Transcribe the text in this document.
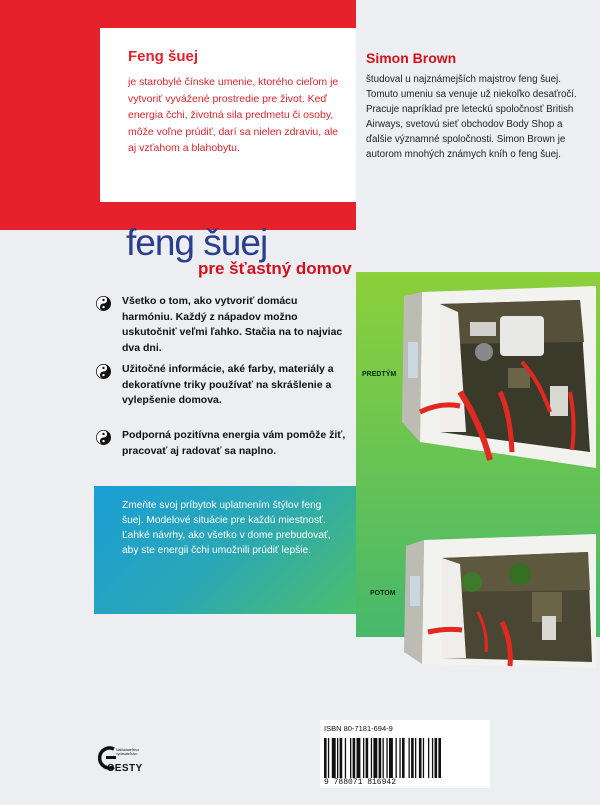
Feng šuej

je starobylé čínske umenie, ktorého cieľom je vytvoriť vyvážené prostredie pre život. Keď energia čchi, životná sila predmetu či osoby, môže voľne prúdiť, darí sa nielen zdraviu, ale aj vzťahom a blahobytu.

Simon Brown

študoval u najznámejších majstrov feng šuej. Tomuto umeniu sa venuje už niekoľko desaťročí. Pracuje napríklad pre leteckú spoločnosť British Airways, svetovú sieť obchodov Body Shop a ďalšie významné spoločnosti. Simon Brown je autorom mnohých známych kníh o feng šuej.

feng šuej
pre šťastný domov
PREDTÝM
POTOM

Všetko o tom, ako vytvoriť domácu harmóniu. Každý z nápadov možno uskutočniť veľmi ľahko. Stačia na to najviac dva dni.

Užitočné informácie, aké farby, materiály a dekoratívne triky používať na skrášlenie a vylepšenie domova.

Podporná pozitívna energia vám pomôže žiť, pracovať aj radovať sa naplno.

Zmeňte svoj príbytok uplatnením štýlov feng šuej. Modelové situácie pre každú miestnosť. Ľahké návrhy, ako všetko v dome prebudovať, aby ste energii čchi umožnili prúdiť lepšie.

ISBN 80-7181-694-9

9 788071 816942

Nakladateľstvo vydavateľstvo

CESTY
